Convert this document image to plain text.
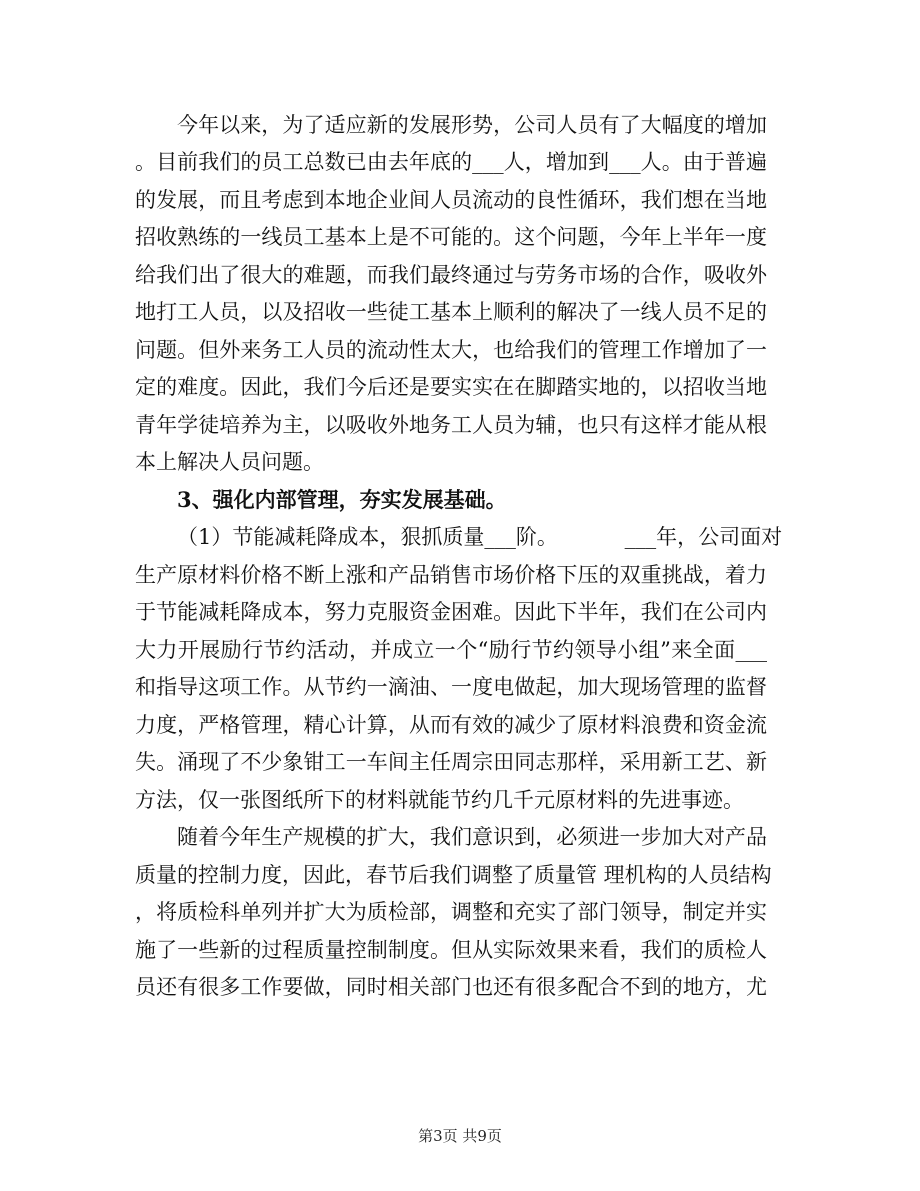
今年以来，为了适应新的发展形势，公司人员有了大幅度的增加
。目前我们的员工总数已由去年底的___人，增加到___人。由于普遍
的发展，而且考虑到本地企业间人员流动的良性循环，我们想在当地
招收熟练的一线员工基本上是不可能的。这个问题，今年上半年一度
给我们出了很大的难题，而我们最终通过与劳务市场的合作，吸收外
地打工人员，以及招收一些徒工基本上顺利的解决了一线人员不足的
问题。但外来务工人员的流动性太大，也给我们的管理工作增加了一
定的难度。因此，我们今后还是要实实在在脚踏实地的，以招收当地
青年学徒培养为主，以吸收外地务工人员为辅，也只有这样才能从根
本上解决人员问题。
3、强化内部管理，夯实发展基础。
（1）节能减耗降成本，狠抓质量___阶。          ___年，公司面对
生产原材料价格不断上涨和产品销售市场价格下压的双重挑战，着力
于节能减耗降成本，努力克服资金困难。因此下半年，我们在公司内
大力开展励行节约活动，并成立一个“励行节约领导小组”来全面___
和指导这项工作。从节约一滴油、一度电做起，加大现场管理的监督
力度，严格管理，精心计算，从而有效的减少了原材料浪费和资金流
失。涌现了不少象钳工一车间主任周宗田同志那样，采用新工艺、新
方法，仅一张图纸所下的材料就能节约几千元原材料的先进事迹。
随着今年生产规模的扩大，我们意识到，必须进一步加大对产品
质量的控制力度，因此，春节后我们调整了质量管 理机构的人员结构
，将质检科单列并扩大为质检部，调整和充实了部门领导，制定并实
施了一些新的过程质量控制制度。但从实际效果来看，我们的质检人
员还有很多工作要做，同时相关部门也还有很多配合不到的地方，尤
第3页 共9页
